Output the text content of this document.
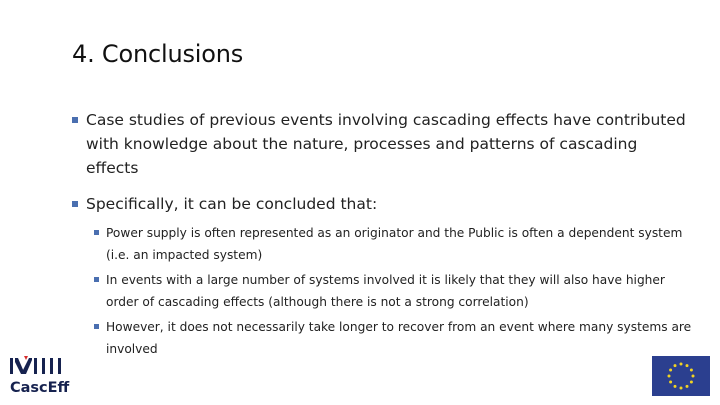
4. Conclusions
Case studies of previous events involving cascading effects have contributed with knowledge about the nature, processes and patterns of cascading effects
Specifically, it can be concluded that:
Power supply is often represented as an originator and the Public is often a dependent system (i.e. an impacted system)
In events with a large number of systems involved it is likely that they will also have higher order of cascading effects (although there is not a strong correlation)
However, it does not necessarily take longer to recover from an event where many systems are involved
CascEff
